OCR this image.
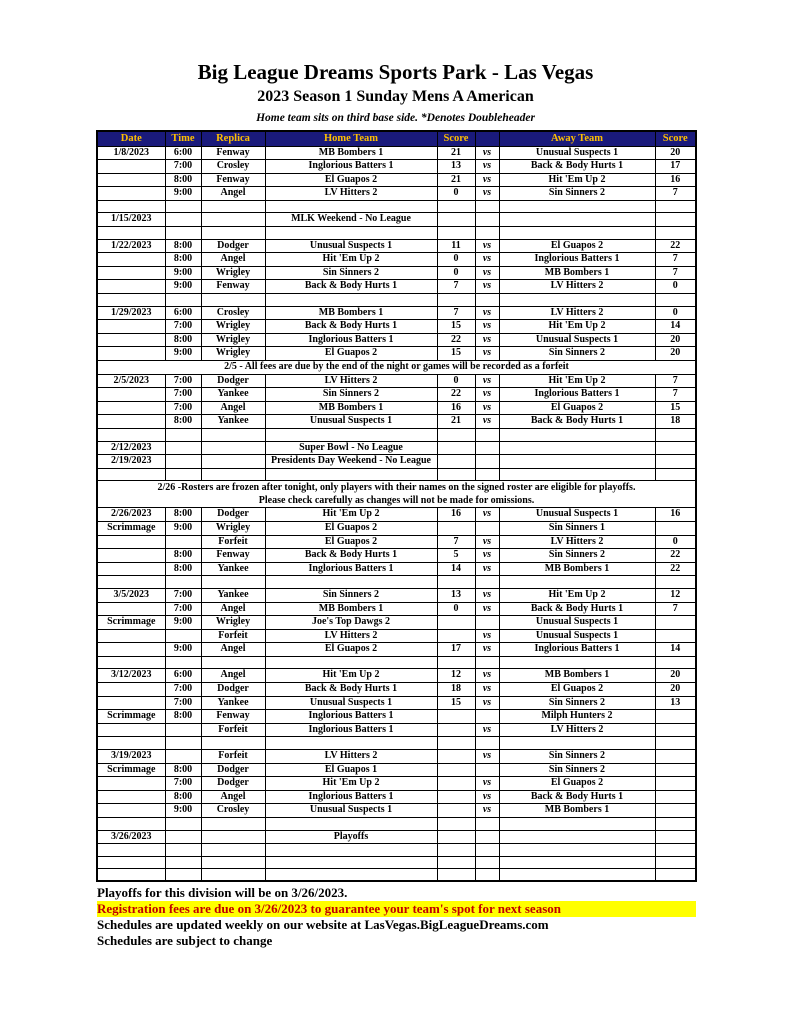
Big League Dreams Sports Park - Las Vegas
2023 Season 1 Sunday Mens A American
Home team sits on third base side. *Denotes Doubleheader
Date	Time	Replica	Home Team	Score		Away Team	Score
1/8/2023	6:00	Fenway	MB Bombers 1	21	vs	Unusual Suspects 1	20
	7:00	Crosley	Inglorious Batters 1	13	vs	Back & Body Hurts 1	17
	8:00	Fenway	El Guapos 2	21	vs	Hit 'Em Up 2	16
	9:00	Angel	LV Hitters 2	0	vs	Sin Sinners 2	7

1/15/2023			MLK Weekend - No League				

1/22/2023	8:00	Dodger	Unusual Suspects 1	11	vs	El Guapos 2	22
	8:00	Angel	Hit 'Em Up 2	0	vs	Inglorious Batters 1	7
	9:00	Wrigley	Sin Sinners 2	0	vs	MB Bombers 1	7
	9:00	Fenway	Back & Body Hurts 1	7	vs	LV Hitters 2	0

1/29/2023	6:00	Crosley	MB Bombers 1	7	vs	LV Hitters 2	0
	7:00	Wrigley	Back & Body Hurts 1	15	vs	Hit 'Em Up 2	14
	8:00	Wrigley	Inglorious Batters 1	22	vs	Unusual Suspects 1	20
	9:00	Wrigley	El Guapos 2	15	vs	Sin Sinners 2	20
2/5 - All fees are due by the end of the night or games will be recorded as a forfeit							
2/5/2023	7:00	Dodger	LV Hitters 2	0	vs	Hit 'Em Up 2	7
	7:00	Yankee	Sin Sinners 2	22	vs	Inglorious Batters 1	7
	7:00	Angel	MB Bombers 1	16	vs	El Guapos 2	15
	8:00	Yankee	Unusual Suspects 1	21	vs	Back & Body Hurts 1	18

2/12/2023			Super Bowl - No League				
2/19/2023			Presidents Day Weekend - No League				

2/26 -Rosters are frozen after tonight, only players with their names on the signed roster are eligible for playoffs.
Please check carefully as changes will not be made for omissions.							

2/26/2023	8:00	Dodger	Hit 'Em Up 2	16	vs	Unusual Suspects 1	16
Scrimmage	9:00	Wrigley	El Guapos 2			Sin Sinners 1	
		Forfeit	El Guapos 2	7	vs	LV Hitters 2	0
	8:00	Fenway	Back & Body Hurts 1	5	vs	Sin Sinners 2	22
	8:00	Yankee	Inglorious Batters 1	14	vs	MB Bombers 1	22

3/5/2023	7:00	Yankee	Sin Sinners 2	13	vs	Hit 'Em Up 2	12
	7:00	Angel	MB Bombers 1	0	vs	Back & Body Hurts 1	7
Scrimmage	9:00	Wrigley	Joe's Top Dawgs 2			Unusual Suspects 1	
		Forfeit	LV Hitters 2		vs	Unusual Suspects 1	
	9:00	Angel	El Guapos 2	17	vs	Inglorious Batters 1	14

3/12/2023	6:00	Angel	Hit 'Em Up 2	12	vs	MB Bombers 1	20
	7:00	Dodger	Back & Body Hurts 1	18	vs	El Guapos 2	20
	7:00	Yankee	Unusual Suspects 1	15	vs	Sin Sinners 2	13
Scrimmage	8:00	Fenway	Inglorious Batters 1			Milph Hunters 2	
		Forfeit	Inglorious Batters 1		vs	LV Hitters 2	

3/19/2023		Forfeit	LV Hitters 2		vs	Sin Sinners 2	
Scrimmage	8:00	Dodger	El Guapos 1			Sin Sinners 2	
	7:00	Dodger	Hit 'Em Up 2		vs	El Guapos 2	
	8:00	Angel	Inglorious Batters 1		vs	Back & Body Hurts 1	
	9:00	Crosley	Unusual Suspects 1		vs	MB Bombers 1	

3/26/2023			Playoffs				

Playoffs for this division will be on 3/26/2023.
Registration fees are due on 3/26/2023 to guarantee your team's spot for next season
Schedules are updated weekly on our website at LasVegas.BigLeagueDreams.com
Schedules are subject to change
